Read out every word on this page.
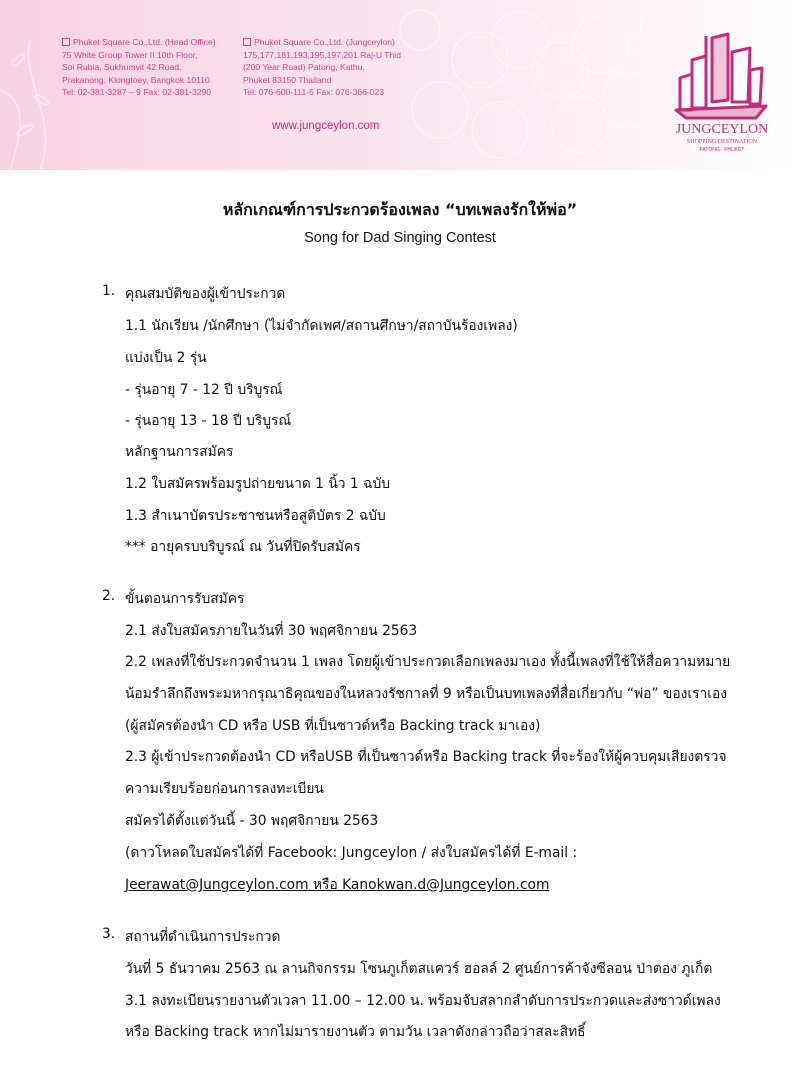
Phuket Square Co.,Ltd. (Head Office)
75 White Group Tower II 10th Floor,
Soi Rubia, Sukhumvit 42 Road,
Prakanong, Klongtoey, Bangkok 10110
Tel: 02-381-3287 – 9 Fax: 02-381-3290
Phuket Square Co.,Ltd. (Jungceylon)
175,177,181,193,195,197,201 Raj-U Thid
(200 Year Road) Patong, Kathu,
Phuket 83150 Thailand
Tel: 076-600-111-5 Fax: 076-366-023
www.jungceylon.com	JUNGCEYLON
SHOPPING DESTINATION
PATONG · PHUKET
หลักเกณฑ์การประกวดร้องเพลง “บทเพลงรักให้พ่อ”
Song for Dad Singing Contest
1. คุณสมบัติของผู้เข้าประกวด
1.1 นักเรียน /นักศึกษา (ไม่จำกัดเพศ/สถานศึกษา/สถาบันร้องเพลง)
แบ่งเป็น 2 รุ่น
- รุ่นอายุ 7 - 12 ปี บริบูรณ์
- รุ่นอายุ 13 - 18 ปี บริบูรณ์
หลักฐานการสมัคร
1.2 ใบสมัครพร้อมรูปถ่ายขนาด 1 นิ้ว 1 ฉบับ
1.3 สำเนาบัตรประชาชนหรือสูติบัตร 2 ฉบับ
*** อายุครบบริบูรณ์ ณ วันที่ปิดรับสมัคร
2. ขั้นตอนการรับสมัคร
2.1 ส่งใบสมัครภายในวันที่ 30 พฤศจิกายน 2563
2.2 เพลงที่ใช้ประกวดจำนวน 1 เพลง โดยผู้เข้าประกวดเลือกเพลงมาเอง ทั้งนี้เพลงที่ใช้ให้สื่อความหมาย
น้อมรำลึกถึงพระมหากรุณาธิคุณของในหลวงรัชกาลที่ 9 หรือเป็นบทเพลงที่สื่อเกี่ยวกับ “พ่อ” ของเราเอง
(ผู้สมัครต้องนำ CD หรือ USB ที่เป็นซาวด์หรือ Backing track มาเอง)
2.3 ผู้เข้าประกวดต้องนำ CD หรือUSB ที่เป็นซาวด์หรือ Backing track ที่จะร้องให้ผู้ควบคุมเสียงตรวจ
ความเรียบร้อยก่อนการลงทะเบียน
สมัครได้ตั้งแต่วันนี้ - 30 พฤศจิกายน 2563
(ดาวโหลดใบสมัครได้ที่ Facebook: Jungceylon / ส่งใบสมัครได้ที่ E-mail :
Jeerawat@Jungceylon.com หรือ Kanokwan.d@Jungceylon.com
3. สถานที่ดำเนินการประกวด
วันที่ 5 ธันวาคม 2563 ณ ลานกิจกรรม โซนภูเก็ตสแควร์ ฮอลล์ 2 ศูนย์การค้าจังซีลอน ป่าตอง ภูเก็ต
3.1 ลงทะเบียนรายงานตัวเวลา 11.00 – 12.00 น. พร้อมจับสลากลำดับการประกวดและส่งซาวด์เพลง
หรือ Backing track หากไม่มารายงานตัว ตามวัน เวลาดังกล่าวถือว่าสละสิทธิ์
